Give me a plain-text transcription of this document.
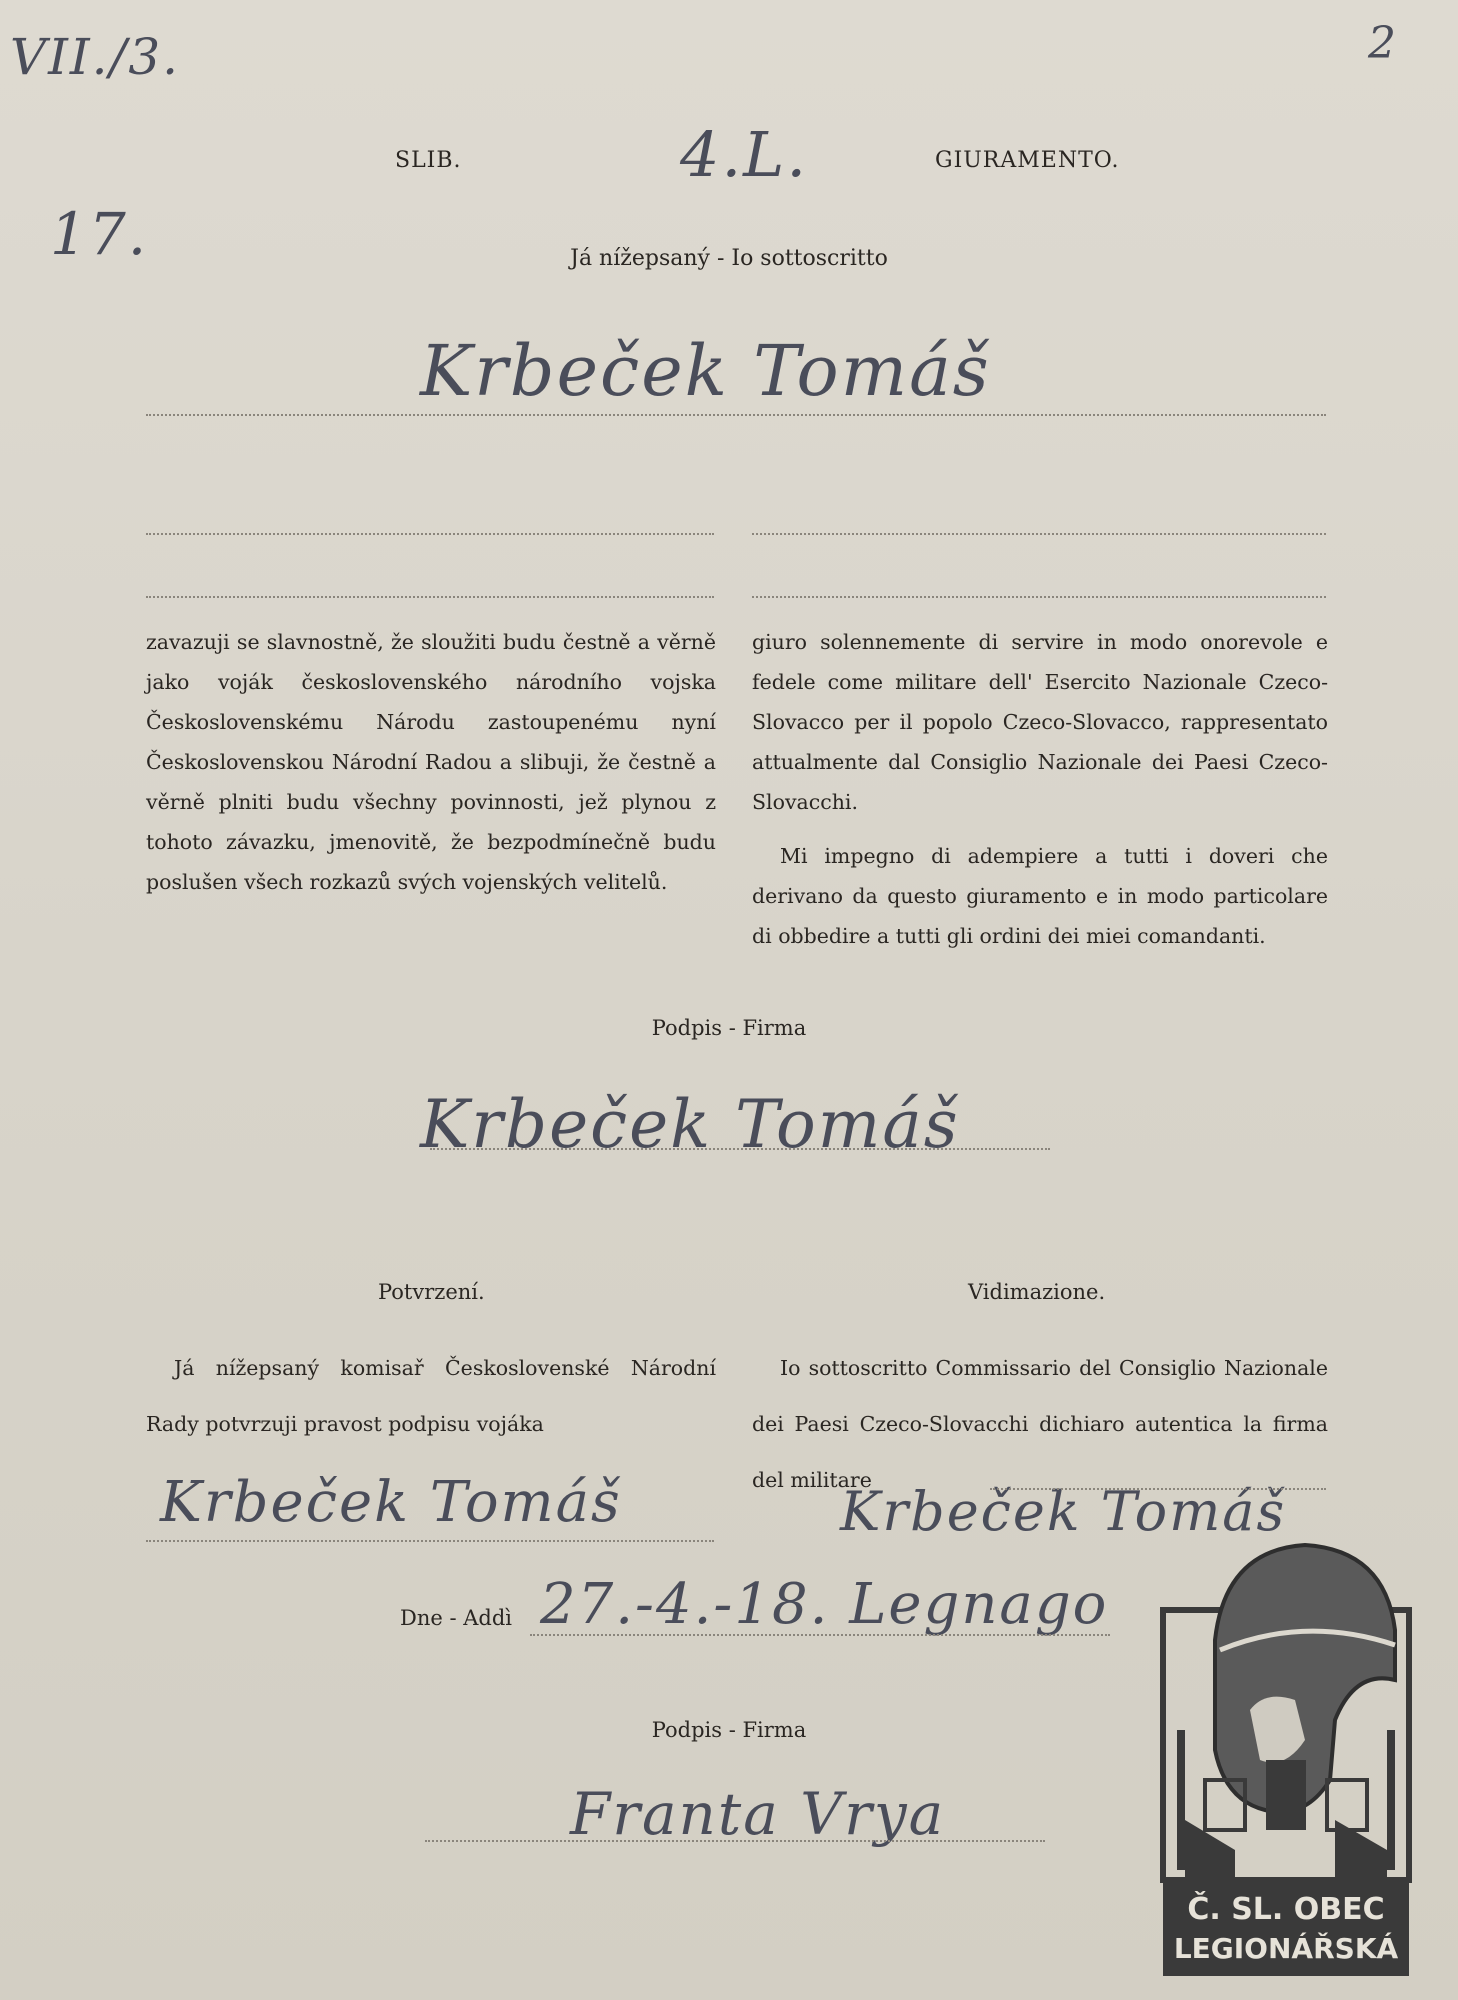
VII./3.
17.
2
SLIB.	4.L.	GIURAMENTO.
Já nížepsaný - Io sottoscritto
Krbeček Tomáš

zavazuji se slavnostně, že sloužiti budu čestně a věrně jako voják československého národního vojska Československému Národu zastoupenému nyní Československou Národní Radou a slibuji, že čestně a věrně plniti budu všechny povinnosti, jež plynou z tohoto závazku, jmenovitě, že bezpodmínečně budu poslušen všech rozkazů svých vojenských velitelů.

giuro solennemente di servire in modo onorevole e fedele come militare dell' Esercito Nazionale Czeco-Slovacco per il popolo Czeco-Slovacco, rappresentato attualmente dal Consiglio Nazionale dei Paesi Czeco-Slovacchi.

Mi impegno di adempiere a tutti i doveri che derivano da questo giuramento e in modo particolare di obbedire a tutti gli ordini dei miei comandanti.

Podpis - Firma
Krbeček Tomáš
Potvrzení.	Vidimazione.
Já nížepsaný komisař Československé Národní Rady potvrzuji pravost podpisu vojáka
Io sottoscritto Commissario del Consiglio Nazionale dei Paesi Czeco-Slovacchi dichiaro autentica la firma del militare
Krbeček Tomáš	Krbeček Tomáš
Dne - Addì 27.-4.-18. Legnago
Podpis - Firma
Franta Vrya
Č. SL. OBEC
LEGIONÁŘSKÁ
